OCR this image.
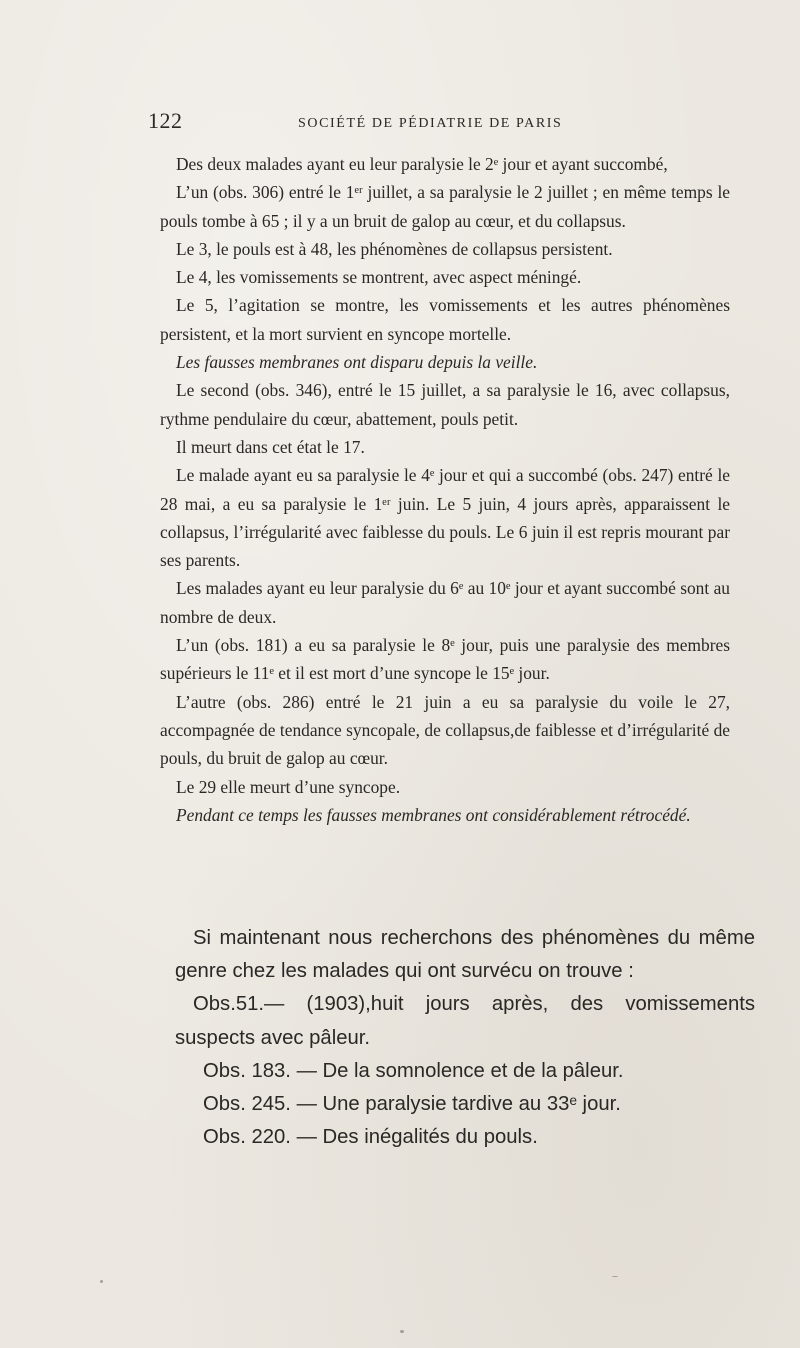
122	SOCIÉTÉ DE PÉDIATRIE DE PARIS

Des deux malades ayant eu leur paralysie le 2ᵉ jour et ayant succombé,

L’un (obs. 306) entré le 1ᵉʳ juillet, a sa paralysie le 2 juillet ; en même temps le pouls tombe à 65 ; il y a un bruit de galop au cœur, et du collapsus.

Le 3, le pouls est à 48, les phénomènes de collapsus persistent.

Le 4, les vomissements se montrent, avec aspect méningé.

Le 5, l’agitation se montre, les vomissements et les autres phénomènes persistent, et la mort survient en syncope mortelle.

Les fausses membranes ont disparu depuis la veille.

Le second (obs. 346), entré le 15 juillet, a sa paralysie le 16, avec collapsus, rythme pendulaire du cœur, abattement, pouls petit.

Il meurt dans cet état le 17.

Le malade ayant eu sa paralysie le 4ᵉ jour et qui a succombé (obs. 247) entré le 28 mai, a eu sa paralysie le 1ᵉʳ juin. Le 5 juin, 4 jours après, apparaissent le collapsus, l’irrégularité avec faiblesse du pouls. Le 6 juin il est repris mourant par ses parents.

Les malades ayant eu leur paralysie du 6ᵉ au 10ᵉ jour et ayant succombé sont au nombre de deux.

L’un (obs. 181) a eu sa paralysie le 8ᵉ jour, puis une paralysie des membres supérieurs le 11ᵉ et il est mort d’une syncope le 15ᵉ jour.

L’autre (obs. 286) entré le 21 juin a eu sa paralysie du voile le 27, accompagnée de tendance syncopale, de collapsus,de faiblesse et d’irrégularité de pouls, du bruit de galop au cœur.

Le 29 elle meurt d’une syncope.

Pendant ce temps les fausses membranes ont considérablement rétrocédé.

Si maintenant nous recherchons des phénomènes du même genre chez les malades qui ont survécu on trouve :

Obs.51.— (1903),huit jours après, des vomissements suspects avec pâleur.

Obs. 183. — De la somnolence et de la pâleur.

Obs. 245. — Une paralysie tardive au 33ᵉ jour.

Obs. 220. — Des inégalités du pouls.
